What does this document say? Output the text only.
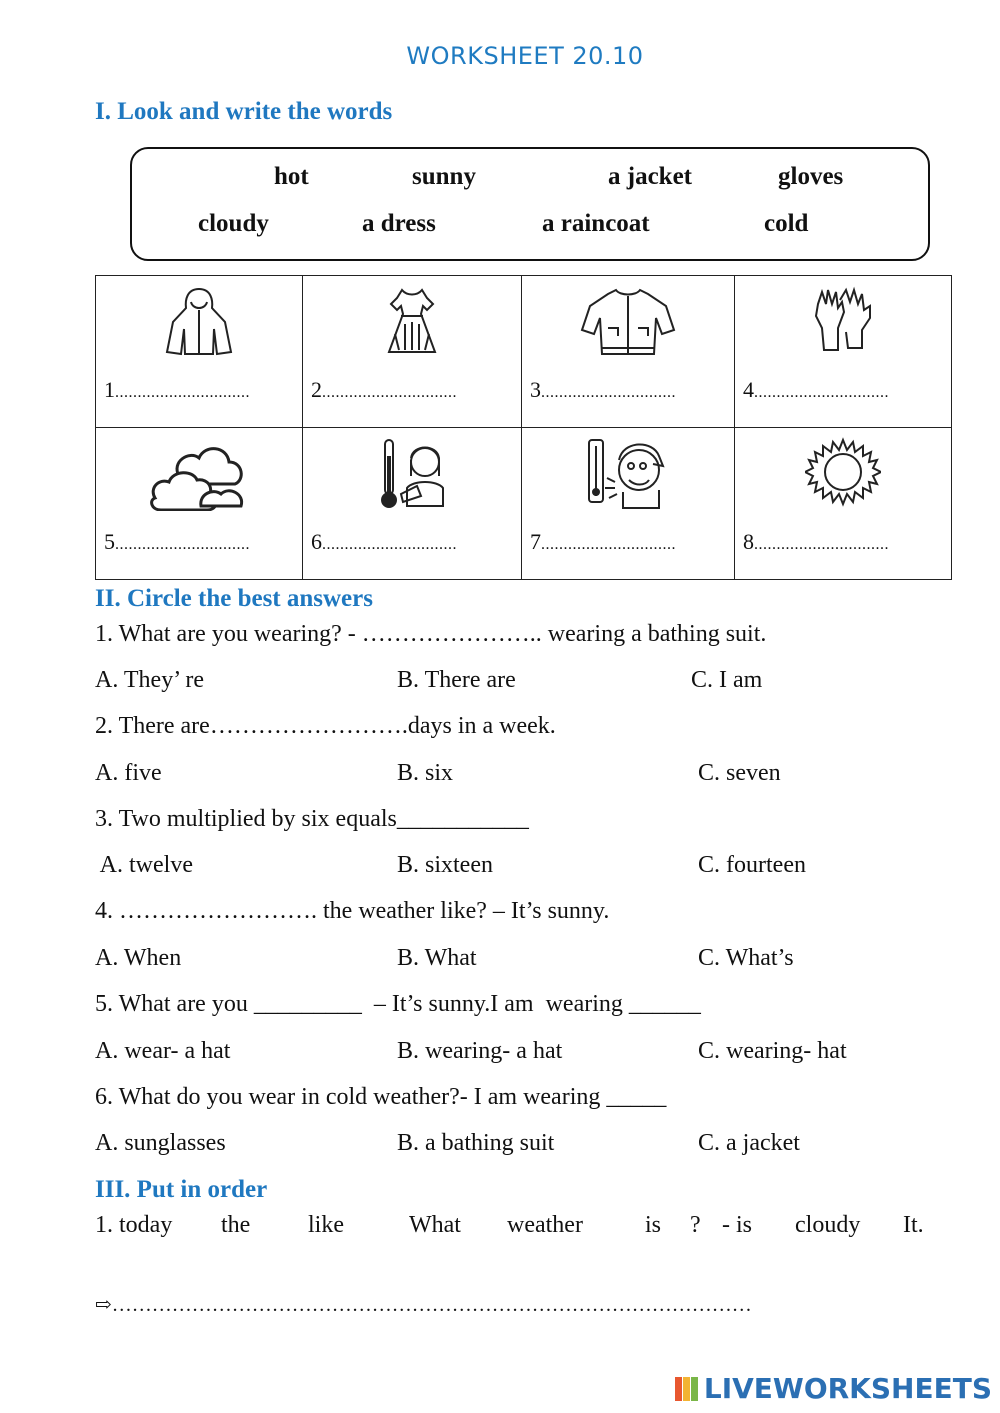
WORKSHEET 20.10
I. Look and write the words
hot	sunny	a jacket	gloves
cloudy	a dress	a raincoat	cold
1..............................	2..............................	3..............................	4..............................

5..............................	6..............................	7..............................	8..............................
II. Circle the best answers
1. What are you wearing? - ………………….. wearing a bathing suit.
A. They’ re	B. There are	C. I am
2. There are…………………….days in a week.
A. five	B. six	C. seven
3. Two multiplied by six equals___________
A. twelve	B. sixteen	C. fourteen
4. ……………………. the weather like? – It’s sunny.
A. When	B. What	C. What’s
5. What are you _________  – It’s sunny.I am  wearing ______
A. wear- a hat	B. wearing- a hat	C. wearing- hat
6. What do you wear in cold weather?- I am wearing _____
A. sunglasses	B. a bathing suit	C. a jacket
III. Put in order
1. today the like	What weather	is ? - is cloudy It.
⇨……………………………………………………………………………………
LIVEWORKSHEETS
